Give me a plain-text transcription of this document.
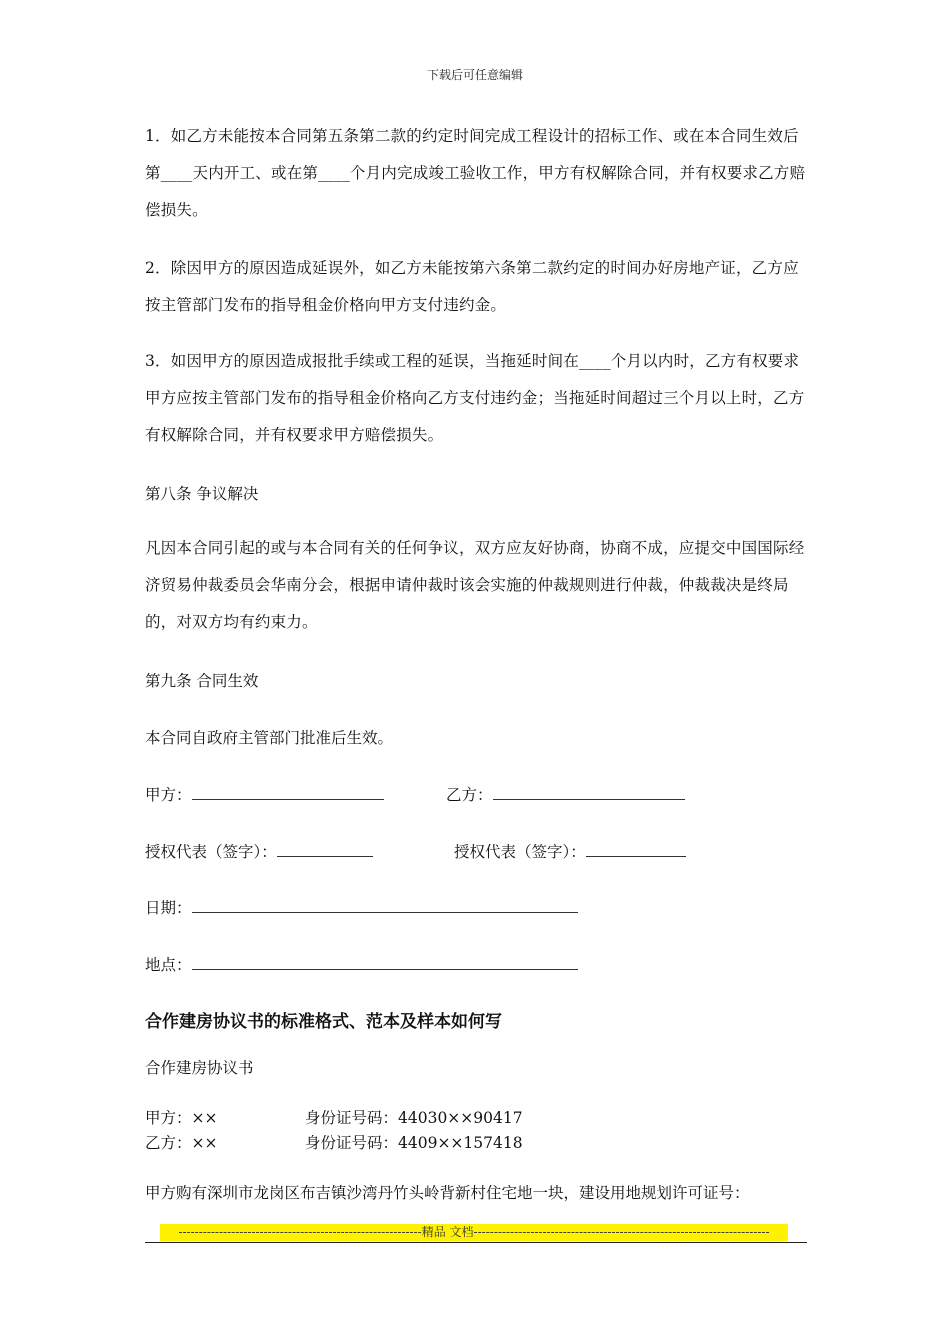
下载后可任意编辑
1．如乙方未能按本合同第五条第二款的约定时间完成工程设计的招标工作、或在本合同生效后第____天内开工、或在第____个月内完成竣工验收工作，甲方有权解除合同，并有权要求乙方赔偿损失。
2．除因甲方的原因造成延误外，如乙方未能按第六条第二款约定的时间办好房地产证，乙方应按主管部门发布的指导租金价格向甲方支付违约金。
3．如因甲方的原因造成报批手续或工程的延误，当拖延时间在____个月以内时，乙方有权要求甲方应按主管部门发布的指导租金价格向乙方支付违约金；当拖延时间超过三个月以上时，乙方有权解除合同，并有权要求甲方赔偿损失。
第八条 争议解决
凡因本合同引起的或与本合同有关的任何争议，双方应友好协商，协商不成，应提交中国国际经济贸易仲裁委员会华南分会，根据申请仲裁时该会实施的仲裁规则进行仲裁，仲裁裁决是终局的，对双方均有约束力。
第九条 合同生效
本合同自政府主管部门批准后生效。
甲方：	乙方：
授权代表（签字）：	授权代表（签字）：
日期：
地点：
合作建房协议书的标准格式、范本及样本如何写
合作建房协议书
甲方：××	身份证号码：44030××90417
乙方：××	身份证号码：4409××157418
甲方购有深圳市龙岗区布吉镇沙湾丹竹头岭背新村住宅地一块，建设用地规划许可证号：
------------------------------------------------------------精品 文档-------------------------------------------------------------------------
